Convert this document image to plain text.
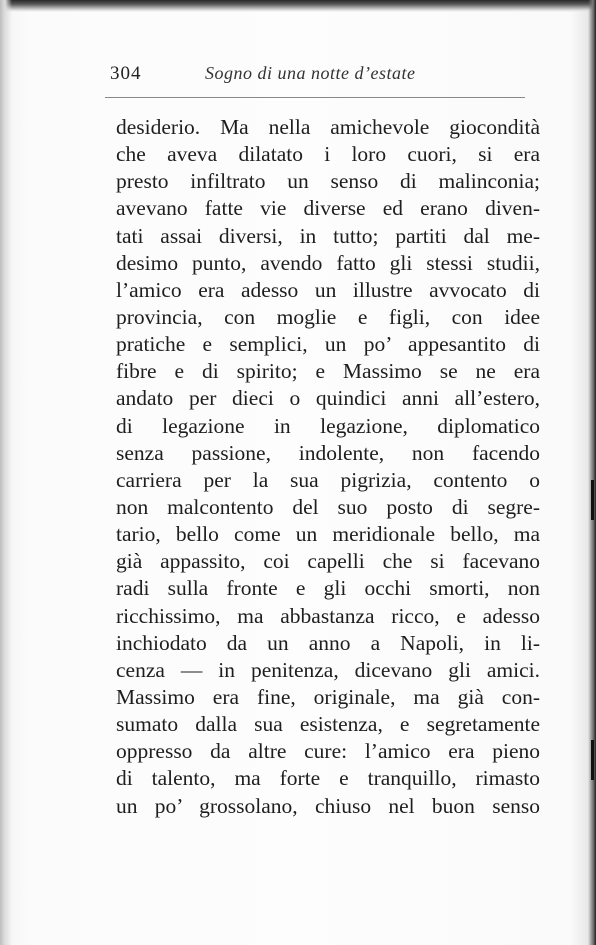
304	Sogno di una notte d’estate
desiderio. Ma nella amichevole giocondità
che aveva dilatato i loro cuori, si era
presto infiltrato un senso di malinconia;
avevano fatte vie diverse ed erano diven-
tati assai diversi, in tutto; partiti dal me-
desimo punto, avendo fatto gli stessi studii,
l’amico era adesso un illustre avvocato di
provincia, con moglie e figli, con idee
pratiche e semplici, un po’ appesantito di
fibre e di spirito; e Massimo se ne era
andato per dieci o quindici anni all’estero,
di legazione in legazione, diplomatico
senza passione, indolente, non facendo
carriera per la sua pigrizia, contento o
non malcontento del suo posto di segre-
tario, bello come un meridionale bello, ma
già appassito, coi capelli che si facevano
radi sulla fronte e gli occhi smorti, non
ricchissimo, ma abbastanza ricco, e adesso
inchiodato da un anno a Napoli, in li-
cenza — in penitenza, dicevano gli amici.
Massimo era fine, originale, ma già con-
sumato dalla sua esistenza, e segretamente
oppresso da altre cure: l’amico era pieno
di talento, ma forte e tranquillo, rimasto
un po’ grossolano, chiuso nel buon senso
